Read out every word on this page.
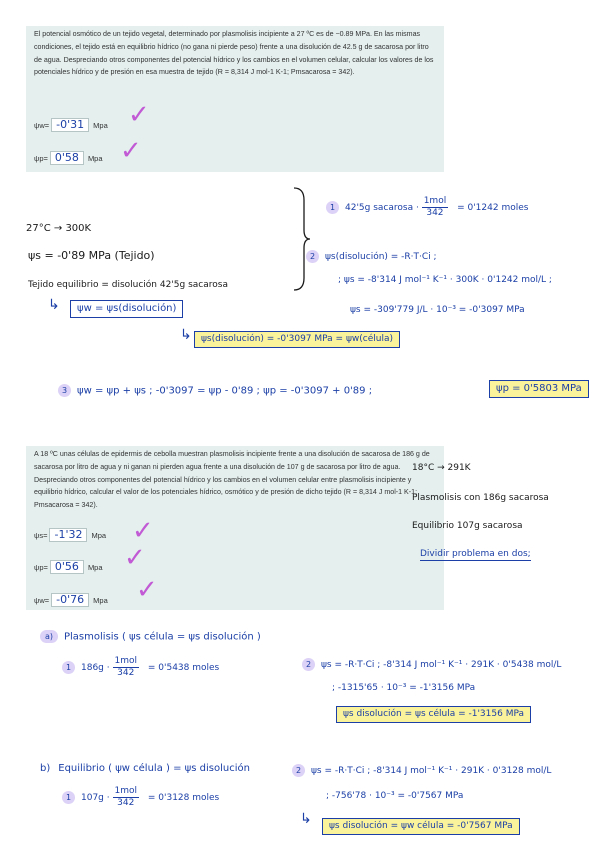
El potencial osmótico de un tejido vegetal, determinado por plasmolisis incipiente a 27 ºC es de −0.89 MPa. En las mismas condiciones, el tejido está en equilibrio hídrico (no gana ni pierde peso) frente a una disolución de 42.5 g de sacarosa por litro de agua. Despreciando otros componentes del potencial hídrico y los cambios en el volumen celular, calcular los valores de los potenciales hídrico y de presión en esa muestra de tejido (R = 8,314 J mol-1 K-1; Pmsacarosa = 342).

ψw= -0'31	Mpa
ψp= 0'58	Mpa
✓
✓
27°C → 300K
ψs = -0'89 MPa (Tejido)
Tejido equilibrio = disolución 42'5g sacarosa
↳	ψw = ψs(disolución)
1 42'5g sacarosa · $\frac{\text{1mol}}{342} = 0'1242$ moles
2 ψs(disolución) = -R·T·Ci ;
; ψs = -8'314 J mol⁻¹ K⁻¹ · 300K · 0'1242 mol/L ;
ψs = -309'779 J/L · 10⁻³ = -0'3097 MPa
↳	ψs(disolución) = -0'3097 MPa = ψw(célula)
3 ψw = ψp + ψs ; -0'3097 = ψp - 0'89 ; ψp = -0'3097 + 0'89 ;	ψp = 0'5803 MPa

A 18 ºC unas células de epidermis de cebolla muestran plasmolisis incipiente frente a una disolución de sacarosa de 186 g de sacarosa por litro de agua y ni ganan ni pierden agua frente a una disolución de 107 g de sacarosa por litro de agua. Despreciando otros componentes del potencial hídrico y los cambios en el volumen celular entre plasmolisis incipiente y equilibrio hídrico, calcular el valor de los potenciales hídrico, osmótico y de presión de dicho tejido (R = 8,314 J mol-1 K-1; Pmsacarosa = 342).

ψs= -1'32	Mpa
ψp= 0'56	Mpa
ψw= -0'76	Mpa
✓
✓
✓
18°C → 291K
Plasmolisis con 186g sacarosa
Equilibrio 107g sacarosa
Dividir problema en dos;
a) Plasmolisis ( ψs célula = ψs disolución )
1 $186g \cdot \frac{\text{1mol}}{342} = 0'5438$ moles	2 ψs = -R·T·Ci ; -8'314 J mol⁻¹ K⁻¹ · 291K · 0'5438 mol/L
; -1315'65 · 10⁻³ = -1'3156 MPa
ψs disolución = ψs célula = -1'3156 MPa
b) Equilibrio ( ψw célula ) = ψs disolución
1 $107g \cdot \frac{\text{1mol}}{342} = 0'3128$ moles
2 ψs = -R·T·Ci ; -8'314 J mol⁻¹ K⁻¹ · 291K · 0'3128 mol/L
; -756'78 · 10⁻³ = -0'7567 MPa
↳	ψs disolución = ψw célula = -0'7567 MPa
